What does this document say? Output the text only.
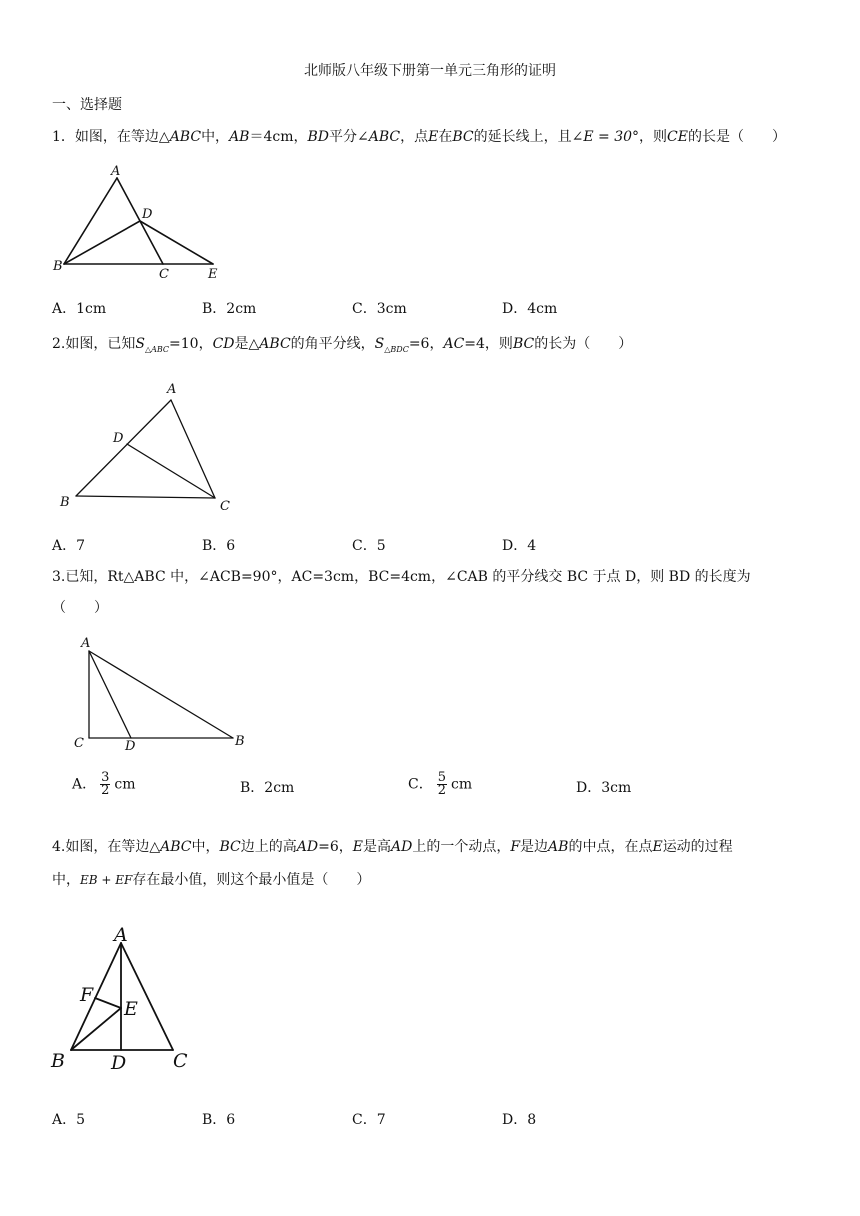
北师版八年级下册第一单元三角形的证明
一、选择题
1．如图，在等边△ABC中，AB＝4cm，BD平分∠ABC，点E在BC的延长线上，且∠E = 30°，则CE的长是（　　）
A
B
C
D
E
A．1cm	B．2cm	C．3cm	D．4cm
2.如图，已知$S_{\triangle ABC}=10$，CD是△ABC的角平分线，$S_{\triangle BDC}=6$，AC=4，则BC的长为（　　）
A
B	C
D
A．7	B．6	C．5	D．4
3.已知，Rt△ABC 中，∠ACB=90°，AC=3cm，BC=4cm，∠CAB 的平分线交 BC 于点 D，则 BD 的长度为
（　　）
A
B
C	D
A． $\frac{3}{2}$ cm	B．2cm	C． $\frac{5}{2}$ cm	D．3cm
4.如图，在等边△ABC中，BC边上的高AD=6，E是高AD上的一个动点，F是边AB的中点，在点E运动的过程
中，EB + EF存在最小值，则这个最小值是（　　）
A
B	C
D
E
F
A．5	B．6	C．7	D．8
